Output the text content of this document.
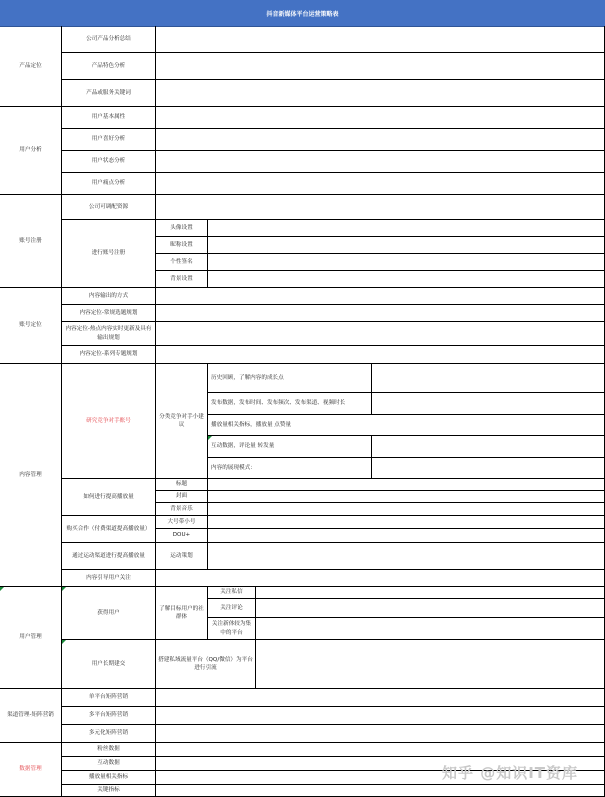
抖音新媒体平台运营策略表
产品定位
公司产品分析总结
产品特色分析
产品或服务关键词
用户分析
用户基本属性
用户喜好分析
用户状态分析
用户痛点分析
账号注册
公司可调配资源
进行账号注册
头像设置
昵称设置
个性签名
背景设置
账号定位
内容输出的方式
内容定位-常规选题规划
内容定位-热点内容实时更新及具有输出规划
内容定位-系列专题规划
内容管理
研究竞争对手账号
分类竞争对手小建议
历史回顾，了解内容的成长点
发布数据，发布时间、发布频次、发布渠道、视频时长
播放量相关指标，播放量 点赞量
互动数据，评论量 转发量
内容的展现模式：
如何进行提高播放量
标题
封面
背景音乐
购买合作（付费渠道提高播放量）
大号带小号
DOU+
通过运动渠道进行提高播放量	运动策划
内容引导用户关注
用户管理
获得用户
了解目标用户的社群体
关注私信
关注评论
关注新体较为集中的平台
用户长期建交
搭建私域流量平台（QQ/微信）为平台进行引流
渠道管理-矩阵营销
单平台矩阵营销
多平台矩阵营销
多元化矩阵营销
数据管理
粉丝数据
互动数据
播放量相关指标
关键指标
知乎 @知识IT资库
